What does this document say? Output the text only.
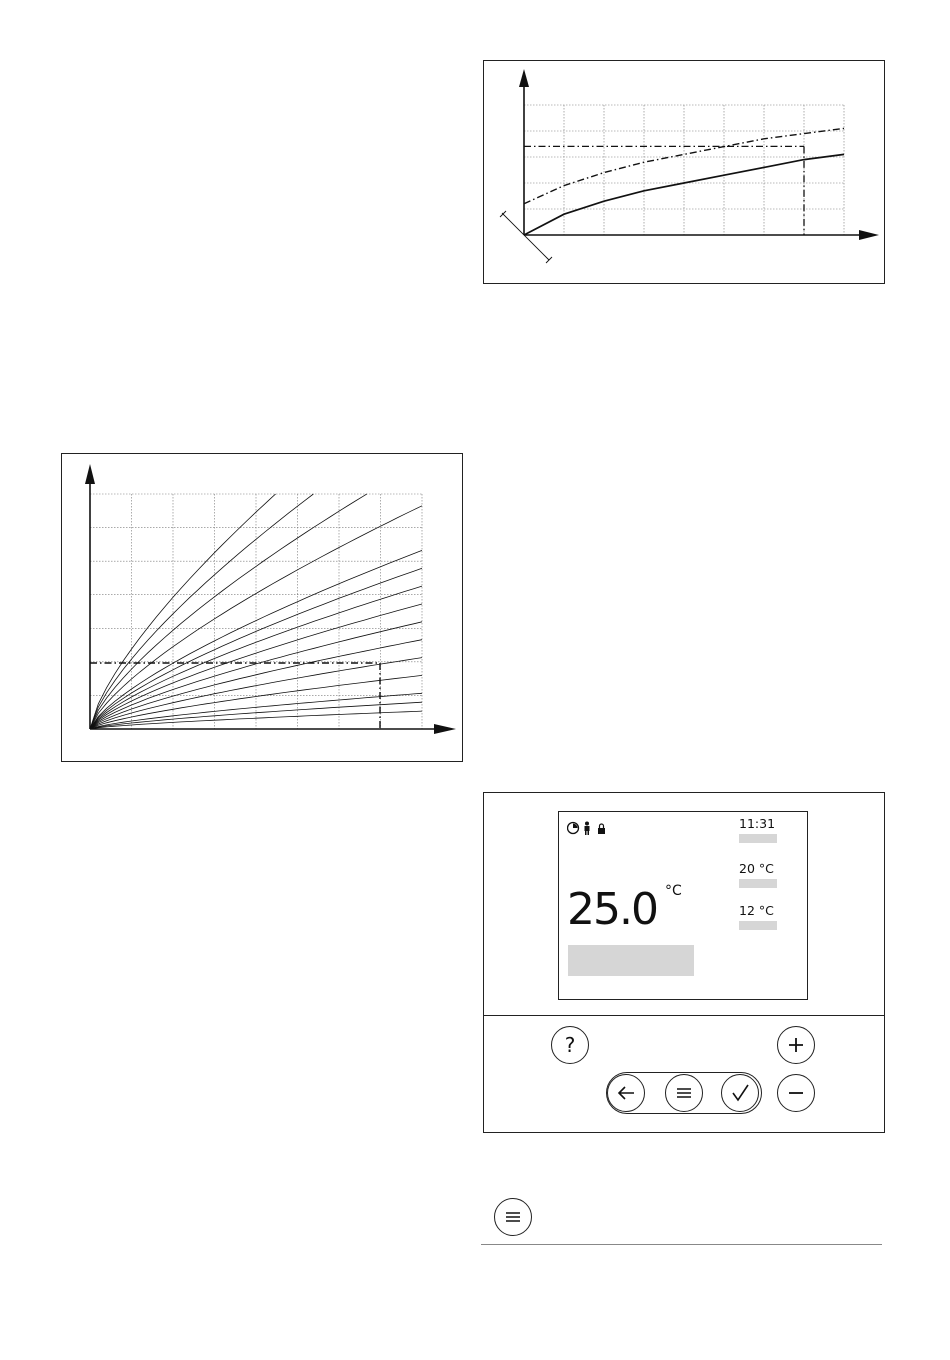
11:31
20 °C
12 °C
25.0 °C
?
